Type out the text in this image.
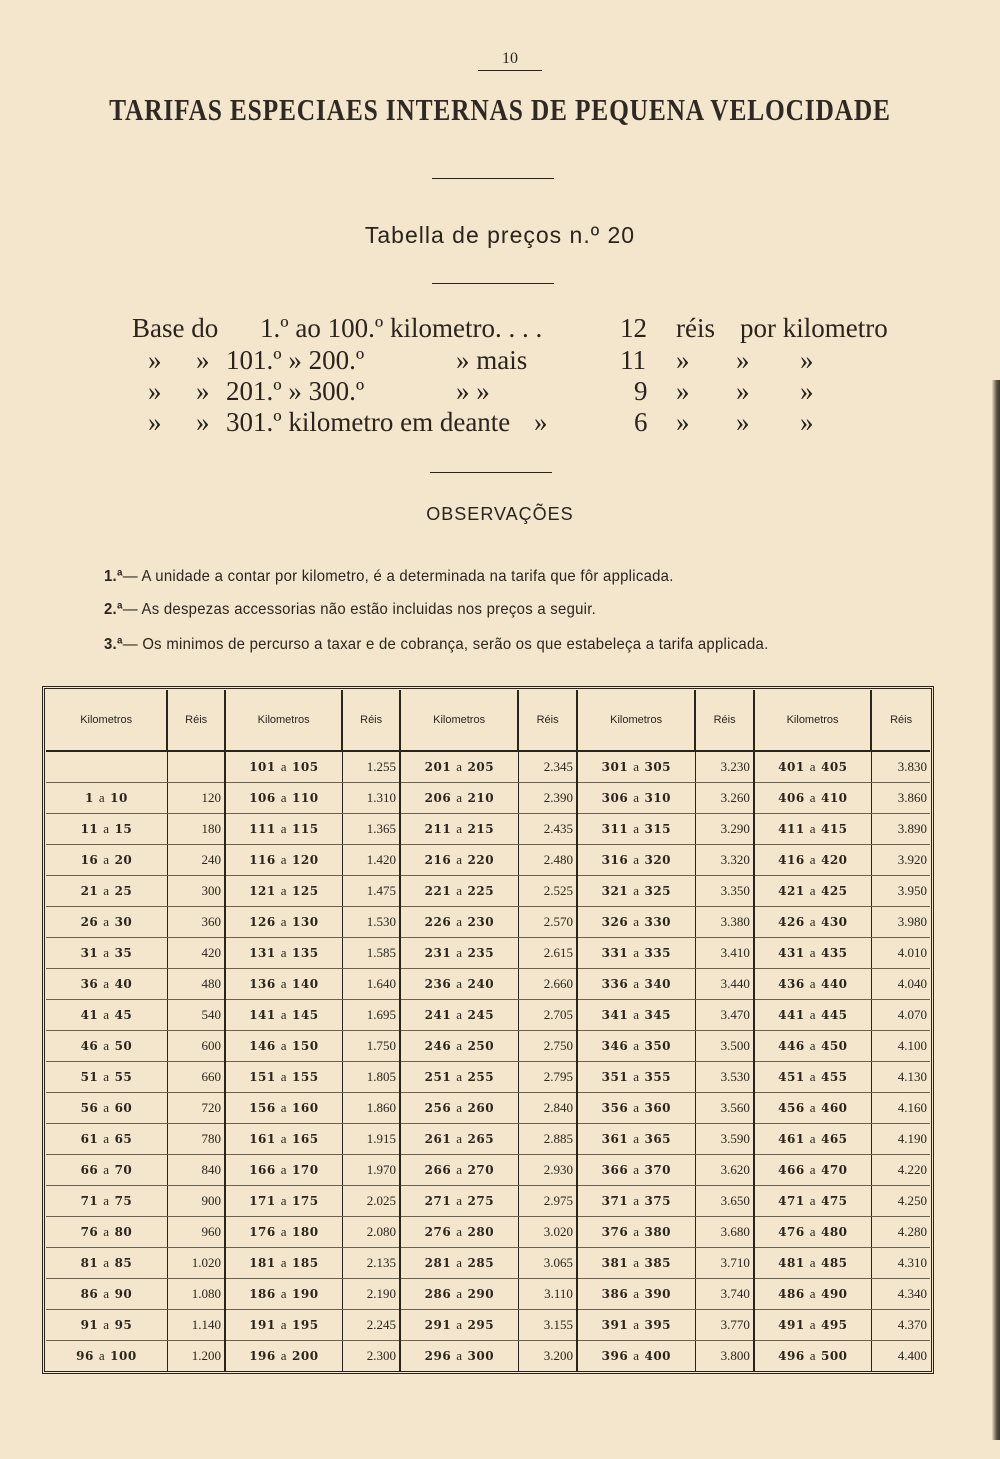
10
TARIFAS ESPECIAES INTERNAS DE PEQUENA VELOCIDADE
Tabella de preços n.º 20
Base do 1.º ao 100.º kilometro. . . .	12 réis por kilometro
» » 101.º » 200.º	» mais	11 » » »
» » 201.º » 300.º	» »	9 » » »
» » 301.º kilometro em deante »	6 » » »
OBSERVAÇÕES
1.ª— A unidade a contar por kilometro, é a determinada na tarifa que fôr applicada.
2.ª— As despezas accessorias não estão incluidas nos preços a seguir.
3.ª— Os minimos de percurso a taxar e de cobrança, serão os que estabeleça a tarifa applicada.
Kilometros	Réis	Kilometros	Réis	Kilometros	Réis	Kilometros	Réis	Kilometros	Réis
		101 a 105	1.255	201 a 205	2.345	301 a 305	3.230	401 a 405	3.830
1 a 10	120	106 a 110	1.310	206 a 210	2.390	306 a 310	3.260	406 a 410	3.860
11 a 15	180	111 a 115	1.365	211 a 215	2.435	311 a 315	3.290	411 a 415	3.890
16 a 20	240	116 a 120	1.420	216 a 220	2.480	316 a 320	3.320	416 a 420	3.920
21 a 25	300	121 a 125	1.475	221 a 225	2.525	321 a 325	3.350	421 a 425	3.950
26 a 30	360	126 a 130	1.530	226 a 230	2.570	326 a 330	3.380	426 a 430	3.980
31 a 35	420	131 a 135	1.585	231 a 235	2.615	331 a 335	3.410	431 a 435	4.010
36 a 40	480	136 a 140	1.640	236 a 240	2.660	336 a 340	3.440	436 a 440	4.040
41 a 45	540	141 a 145	1.695	241 a 245	2.705	341 a 345	3.470	441 a 445	4.070
46 a 50	600	146 a 150	1.750	246 a 250	2.750	346 a 350	3.500	446 a 450	4.100
51 a 55	660	151 a 155	1.805	251 a 255	2.795	351 a 355	3.530	451 a 455	4.130
56 a 60	720	156 a 160	1.860	256 a 260	2.840	356 a 360	3.560	456 a 460	4.160
61 a 65	780	161 a 165	1.915	261 a 265	2.885	361 a 365	3.590	461 a 465	4.190
66 a 70	840	166 a 170	1.970	266 a 270	2.930	366 a 370	3.620	466 a 470	4.220
71 a 75	900	171 a 175	2.025	271 a 275	2.975	371 a 375	3.650	471 a 475	4.250
76 a 80	960	176 a 180	2.080	276 a 280	3.020	376 a 380	3.680	476 a 480	4.280
81 a 85	1.020	181 a 185	2.135	281 a 285	3.065	381 a 385	3.710	481 a 485	4.310
86 a 90	1.080	186 a 190	2.190	286 a 290	3.110	386 a 390	3.740	486 a 490	4.340
91 a 95	1.140	191 a 195	2.245	291 a 295	3.155	391 a 395	3.770	491 a 495	4.370
96 a 100	1.200	196 a 200	2.300	296 a 300	3.200	396 a 400	3.800	496 a 500	4.400
